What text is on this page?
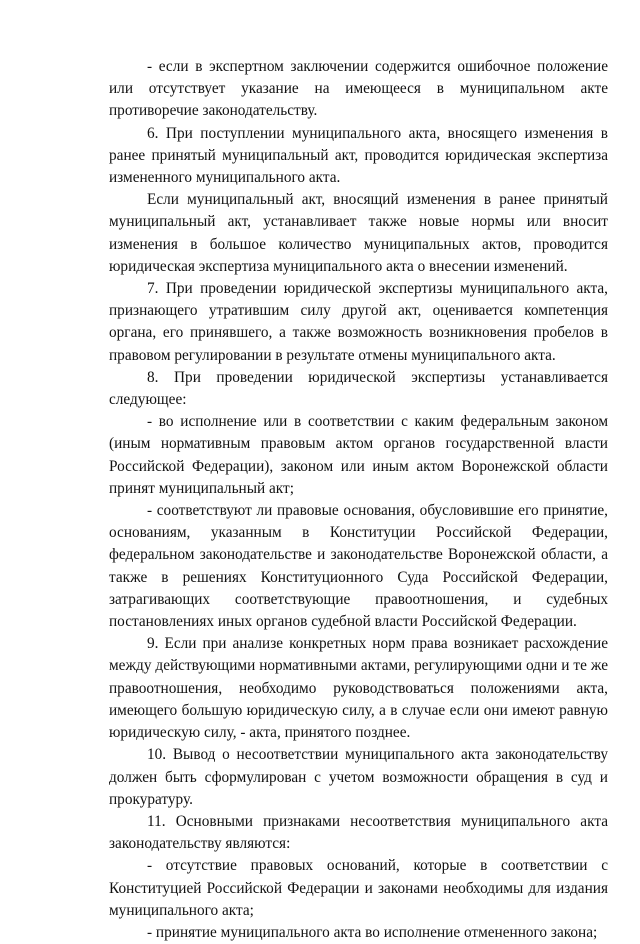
- если в экспертном заключении содержится ошибочное положение или отсутствует указание на имеющееся в муниципальном акте противоречие законодательству.

6. При поступлении муниципального акта, вносящего изменения в ранее принятый муниципальный акт, проводится юридическая экспертиза измененного муниципального акта.

Если муниципальный акт, вносящий изменения в ранее принятый муниципальный акт, устанавливает также новые нормы или вносит изменения в большое количество муниципальных актов, проводится юридическая экспертиза муниципального акта о внесении изменений.

7. При проведении юридической экспертизы муниципального акта, признающего утратившим силу другой акт, оценивается компетенция органа, его принявшего, а также возможность возникновения пробелов в правовом регулировании в результате отмены муниципального акта.

8. При проведении юридической экспертизы устанавливается следующее:

- во исполнение или в соответствии с каким федеральным законом (иным нормативным правовым актом органов государственной власти Российской Федерации), законом или иным актом Воронежской области принят муниципальный акт;

- соответствуют ли правовые основания, обусловившие его принятие, основаниям, указанным в Конституции Российской Федерации, федеральном законодательстве и законодательстве Воронежской области, а также в решениях Конституционного Суда Российской Федерации, затрагивающих соответствующие правоотношения, и судебных постановлениях иных органов судебной власти Российской Федерации.

9. Если при анализе конкретных норм права возникает расхождение между действующими нормативными актами, регулирующими одни и те же правоотношения, необходимо руководствоваться положениями акта, имеющего большую юридическую силу, а в случае если они имеют равную юридическую силу, - акта, принятого позднее.

10. Вывод о несоответствии муниципального акта законодательству должен быть сформулирован с учетом возможности обращения в суд и прокуратуру.

11. Основными признаками несоответствия муниципального акта законодательству являются:

- отсутствие правовых оснований, которые в соответствии с Конституцией Российской Федерации и законами необходимы для издания муниципального акта;

- принятие муниципального акта во исполнение отмененного закона;
